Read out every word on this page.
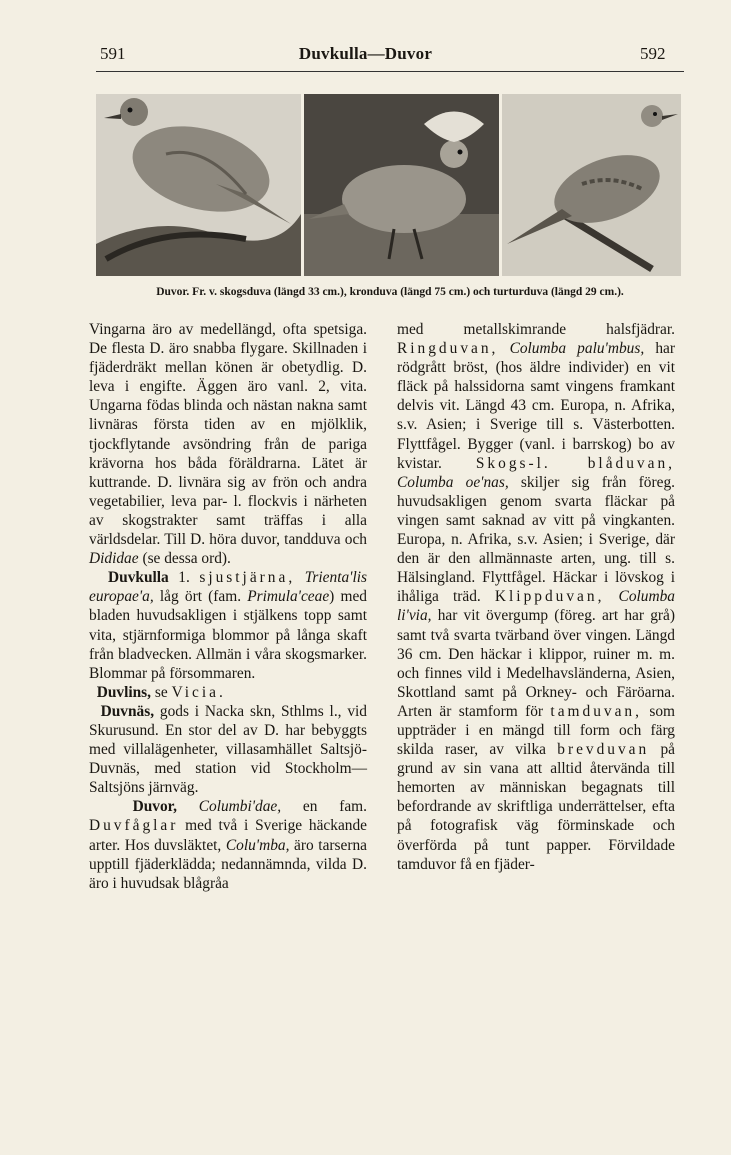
591	Duvkulla—Duvor	592
Duvor. Fr. v. skogsduva (längd 33 cm.), kronduva (längd 75 cm.) och turturduva (längd 29 cm.).

Vingarna äro av medellängd, ofta spetsiga. De flesta D. äro snabba flygare. Skillnaden i fjäderdräkt mellan könen är obetydlig. D. leva i engifte. Äggen äro vanl. 2, vita. Ungarna födas blinda och nästan nakna samt livnäras första tiden av en mjölklik, tjockflytande avsöndring från de pariga krävorna hos båda föräldrarna. Lätet är kuttrande. D. livnära sig av frön och andra vegetabilier, leva par- l. flockvis i närheten av skogstrakter samt träffas i alla världsdelar. Till D. höra duvor, tandduva och Dididae (se dessa ord).

Duvkulla 1. sjustjärna, Trienta'lis europae'a, låg ört (fam. Primula'ceae) med bladen huvudsakligen i stjälkens topp samt vita, stjärnformiga blommor på långa skaft från bladvecken. Allmän i våra skogsmarker. Blommar på försommaren.

Duvlins, se Vicia.

Duvnäs, gods i Nacka skn, Sthlms l., vid Skurusund. En stor del av D. har bebyggts med villalägenheter, villasamhället Saltsjö-Duvnäs, med station vid Stockholm—Saltsjöns järnväg.

Duvor, Columbi'dae, en fam. Duvfåglar med två i Sverige häckande arter. Hos duvsläktet, Colu'mba, äro tarserna upptill fjäderklädda; nedannämnda, vilda D. äro i huvudsak blågråa

med metallskimrande halsfjädrar. Ringduvan, Columba palu'mbus, har rödgrått bröst, (hos äldre individer) en vit fläck på halssidorna samt vingens framkant delvis vit. Längd 43 cm. Europa, n. Afrika, s.v. Asien; i Sverige till s. Västerbotten. Flyttfågel. Bygger (vanl. i barrskog) bo av kvistar. Skogs-l. blåduvan, Columba oe'nas, skiljer sig från föreg. huvudsakligen genom svarta fläckar på vingen samt saknad av vitt på vingkanten. Europa, n. Afrika, s.v. Asien; i Sverige, där den är den allmännaste arten, ung. till s. Hälsingland. Flyttfågel. Häckar i lövskog i ihåliga träd. Klippduvan, Columba li'via, har vit övergump (föreg. art har grå) samt två svarta tvärband över vingen. Längd 36 cm. Den häckar i klippor, ruiner m. m. och finnes vild i Medelhavsländerna, Asien, Skottland samt på Orkney- och Färöarna. Arten är stamform för tamduvan, som uppträder i en mängd till form och färg skilda raser, av vilka brevduvan på grund av sin vana att alltid återvända till hemorten av människan begagnats till befordrande av skriftliga underrättelser, efta på fotografisk väg förminskade och överförda på tunt papper. Förvildade tamduvor få en fjäder-
